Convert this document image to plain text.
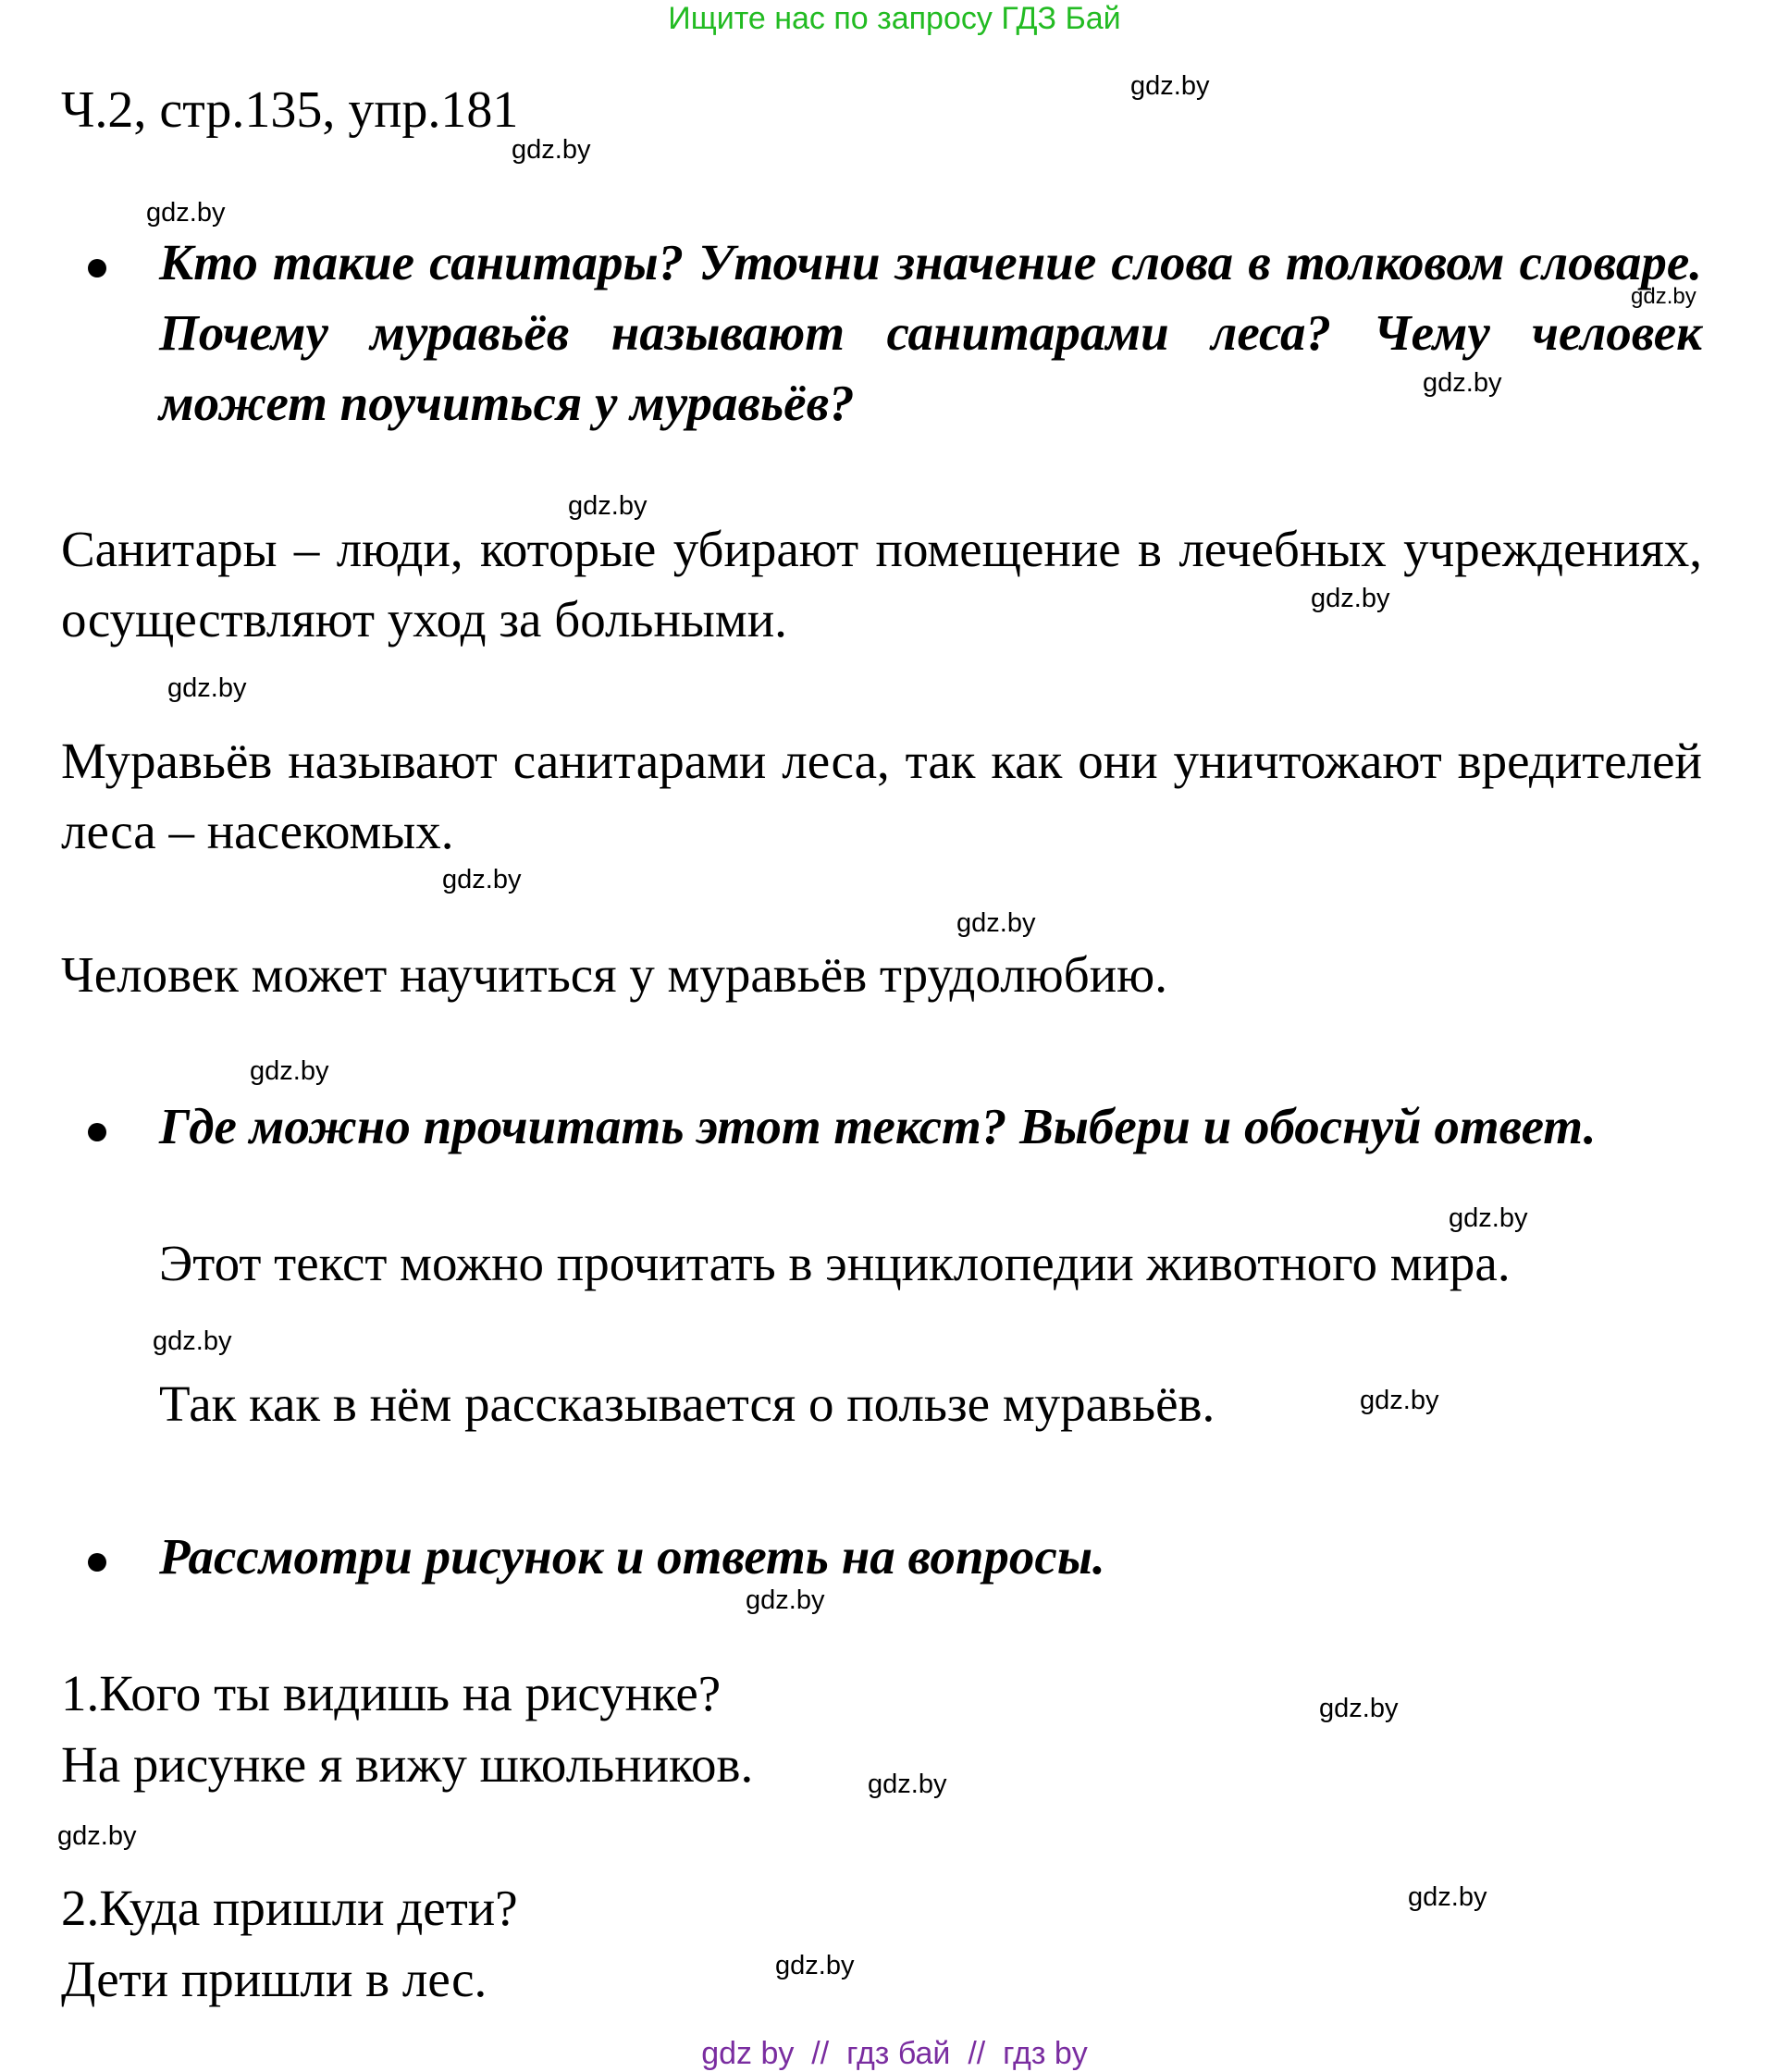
Ищите нас по запросу ГДЗ Бай
Ч.2, стр.135, упр.181
Кто такие санитары? Уточни значение слова в толковом словаре. Почему муравьёв называют санитарами леса? Чему человек может поучиться у муравьёв?
Санитары – люди, которые убирают помещение в лечебных учреждениях, осуществляют уход за больными.
Муравьёв называют санитарами леса, так как они уничтожают вредителей леса – насекомых.
Человек может научиться у муравьёв трудолюбию.
Где можно прочитать этот текст? Выбери и обоснуй ответ.
Этот текст можно прочитать в энциклопедии животного мира.
Так как в нём рассказывается о пользе муравьёв.
Рассмотри рисунок и ответь на вопросы.
1.Кого ты видишь на рисунке?
На рисунке я вижу школьников.
2.Куда пришли дети?
Дети пришли в лес.
gdz.by
gdz.by
gdz.by
gdz.by
gdz.by
gdz.by
gdz.by
gdz.by
gdz.by
gdz.by
gdz.by
gdz.by
gdz.by
gdz.by
gdz.by
gdz.by
gdz.by
gdz.by
gdz.by
gdz.by
gdz by  //  гдз бай  //  гдз by
